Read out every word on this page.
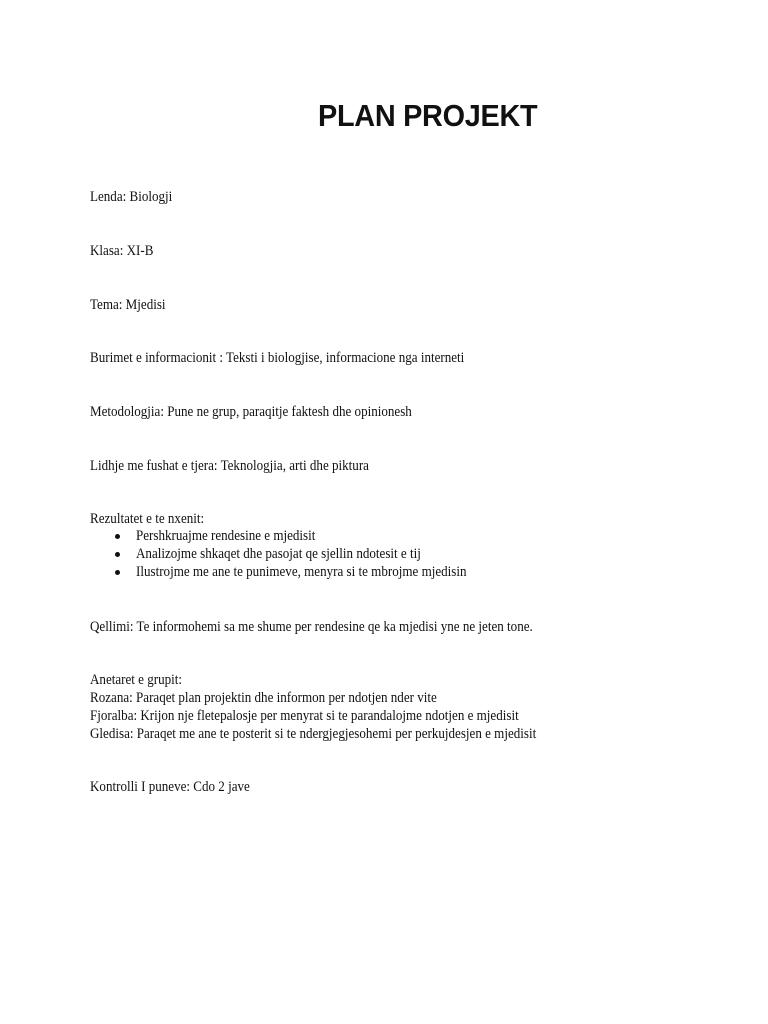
PLAN PROJEKT
Lenda: Biologji
Klasa: XI-B
Tema: Mjedisi
Burimet e informacionit : Teksti i biologjise, informacione nga interneti
Metodologjia: Pune ne grup, paraqitje faktesh dhe opinionesh
Lidhje me fushat e tjera: Teknologjia, arti dhe piktura
Rezultatet e te nxenit:
Pershkruajme rendesine e mjedisit
Analizojme shkaqet dhe pasojat qe sjellin ndotesit e tij
Ilustrojme me ane te punimeve, menyra si te mbrojme mjedisin
Qellimi: Te informohemi sa me shume per rendesine qe ka mjedisi yne ne jeten tone.
Anetaret e grupit:
Rozana: Paraqet plan projektin dhe informon per ndotjen nder vite
Fjoralba: Krijon nje fletepalosje per menyrat si te parandalojme ndotjen e mjedisit
Gledisa: Paraqet me ane te posterit si te ndergjegjesohemi per perkujdesjen e mjedisit
Kontrolli I puneve: Cdo 2 jave
